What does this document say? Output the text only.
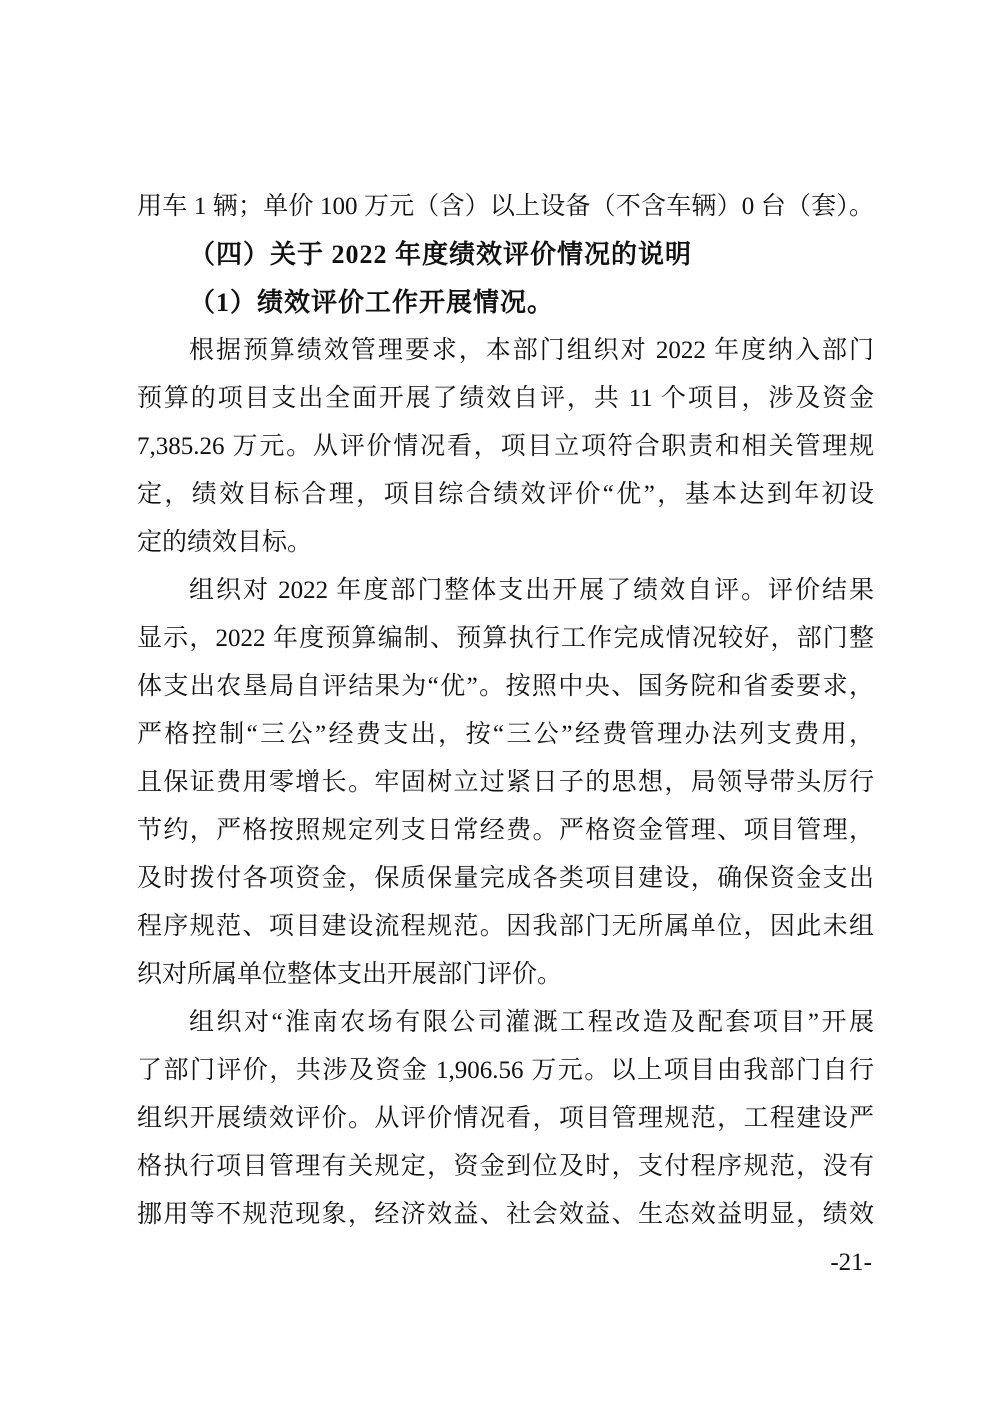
用车 1 辆；单价 100 万元（含）以上设备（不含车辆）0 台（套）。

（四）关于 2022 年度绩效评价情况的说明
（1）绩效评价工作开展情况。

根据预算绩效管理要求，本部门组织对 2022 年度纳入部门

预算的项目支出全面开展了绩效自评，共 11 个项目，涉及资金

7,385.26 万元。从评价情况看，项目立项符合职责和相关管理规

定，绩效目标合理，项目综合绩效评价“优”，基本达到年初设

定的绩效目标。

组织对 2022 年度部门整体支出开展了绩效自评。评价结果

显示，2022 年度预算编制、预算执行工作完成情况较好，部门整

体支出农垦局自评结果为“优”。按照中央、国务院和省委要求，

严格控制“三公”经费支出，按“三公”经费管理办法列支费用，

且保证费用零增长。牢固树立过紧日子的思想，局领导带头厉行

节约，严格按照规定列支日常经费。严格资金管理、项目管理，

及时拨付各项资金，保质保量完成各类项目建设，确保资金支出

程序规范、项目建设流程规范。因我部门无所属单位，因此未组

织对所属单位整体支出开展部门评价。

组织对“淮南农场有限公司灌溉工程改造及配套项目”开展

了部门评价，共涉及资金 1,906.56 万元。以上项目由我部门自行

组织开展绩效评价。从评价情况看，项目管理规范，工程建设严

格执行项目管理有关规定，资金到位及时，支付程序规范，没有

挪用等不规范现象，经济效益、社会效益、生态效益明显，绩效

-21-
